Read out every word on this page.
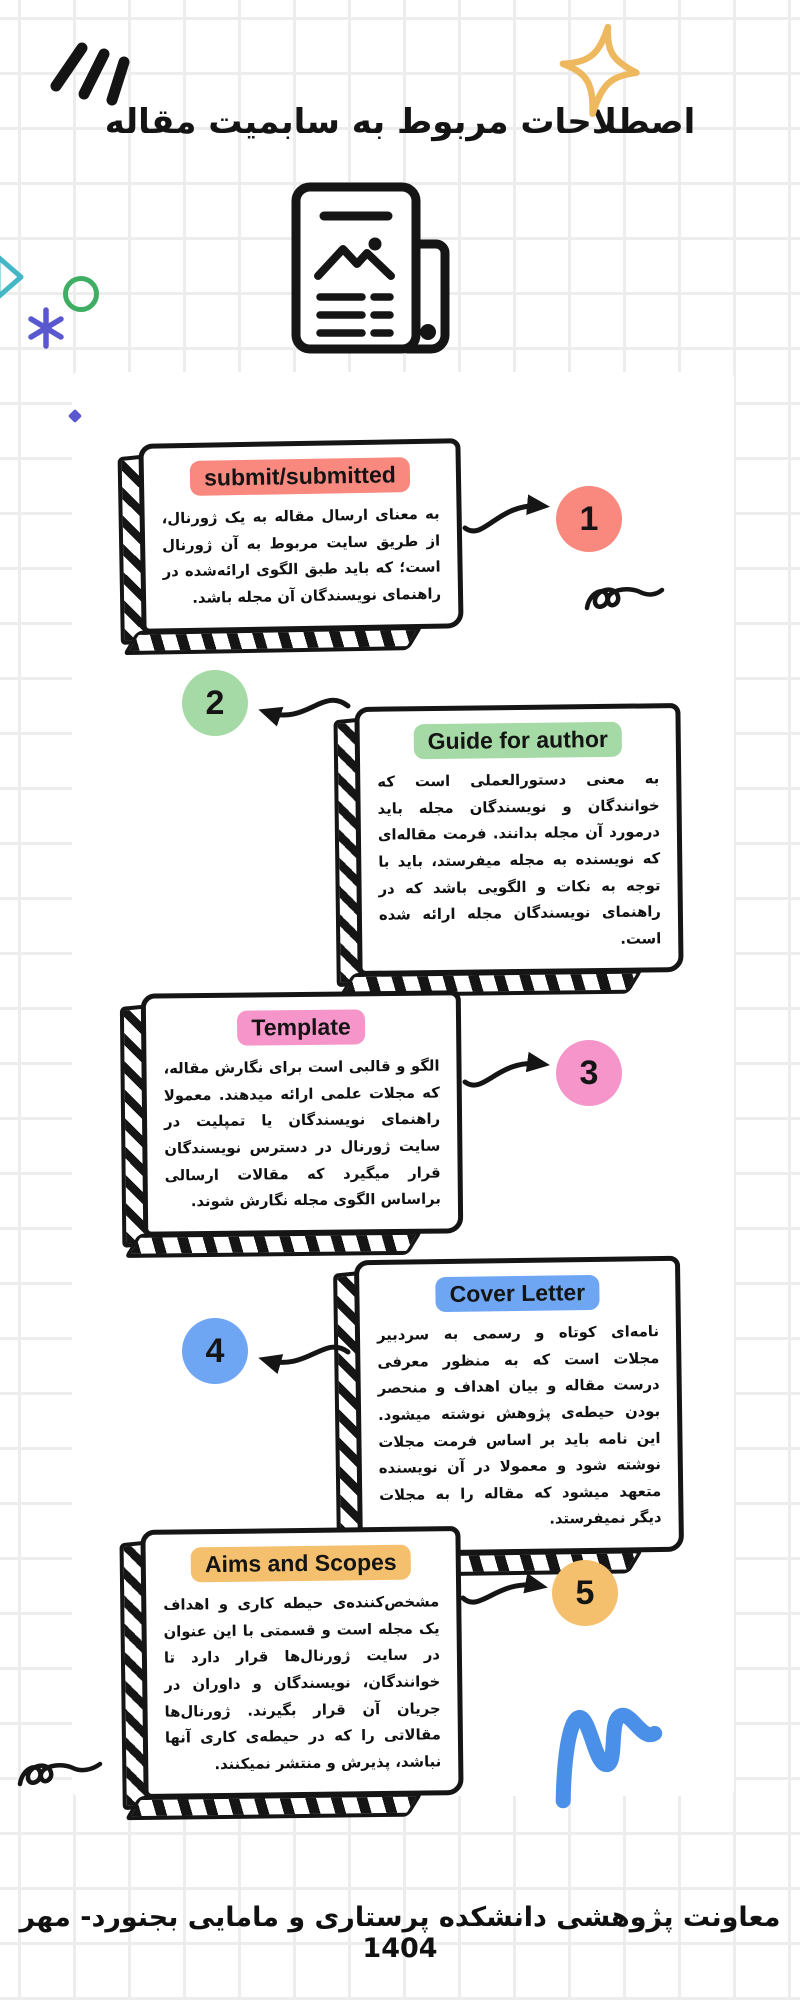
اصطلاحات مربوط به سابمیت مقاله
submit/submitted

به معنای ارسال مقاله به یک ژورنال، از طریق سایت مربوط به آن ژورنال است؛ که باید طبق الگوی ارائه‌شده در راهنمای نویسندگان آن مجله باشد.

1
Guide for author

به معنی دستورالعملی است که خوانندگان و نویسندگان مجله باید درمورد آن مجله بدانند. فرمت مقاله‌ای که نویسنده به مجله میفرستد، باید با توجه به نکات و الگویی باشد که در راهنمای نویسندگان مجله ارائه شده است.

2
Template

الگو و قالبی است برای نگارش مقاله، که مجلات علمی ارائه میدهند. معمولا راهنمای نویسندگان یا تمپلیت در سایت ژورنال در دسترس نویسندگان قرار میگیرد که مقالات ارسالی براساس الگوی مجله نگارش شوند.

3
Cover Letter

نامه‌ای کوتاه و رسمی به سردبیر مجلات است که به منظور معرفی درست مقاله و بیان اهداف و منحصر بودن حیطه‌ی پژوهش نوشته میشود. این نامه باید بر اساس فرمت مجلات نوشته شود و معمولا در آن نویسنده متعهد میشود که مقاله را به مجلات دیگر نمیفرستد.

4
Aims and Scopes

مشخص‌کننده‌ی حیطه کاری و اهداف یک مجله است و قسمتی با این عنوان در سایت ژورنال‌ها قرار دارد تا خوانندگان، نویسندگان و داوران در جریان آن قرار بگیرند. ژورنال‌ها مقالاتی را که در حیطه‌ی کاری آنها نباشد، پذیرش و منتشر نمیکنند.

5
معاونت پژوهشی دانشکده پرستاری و مامایی بجنورد- مهر 1404
